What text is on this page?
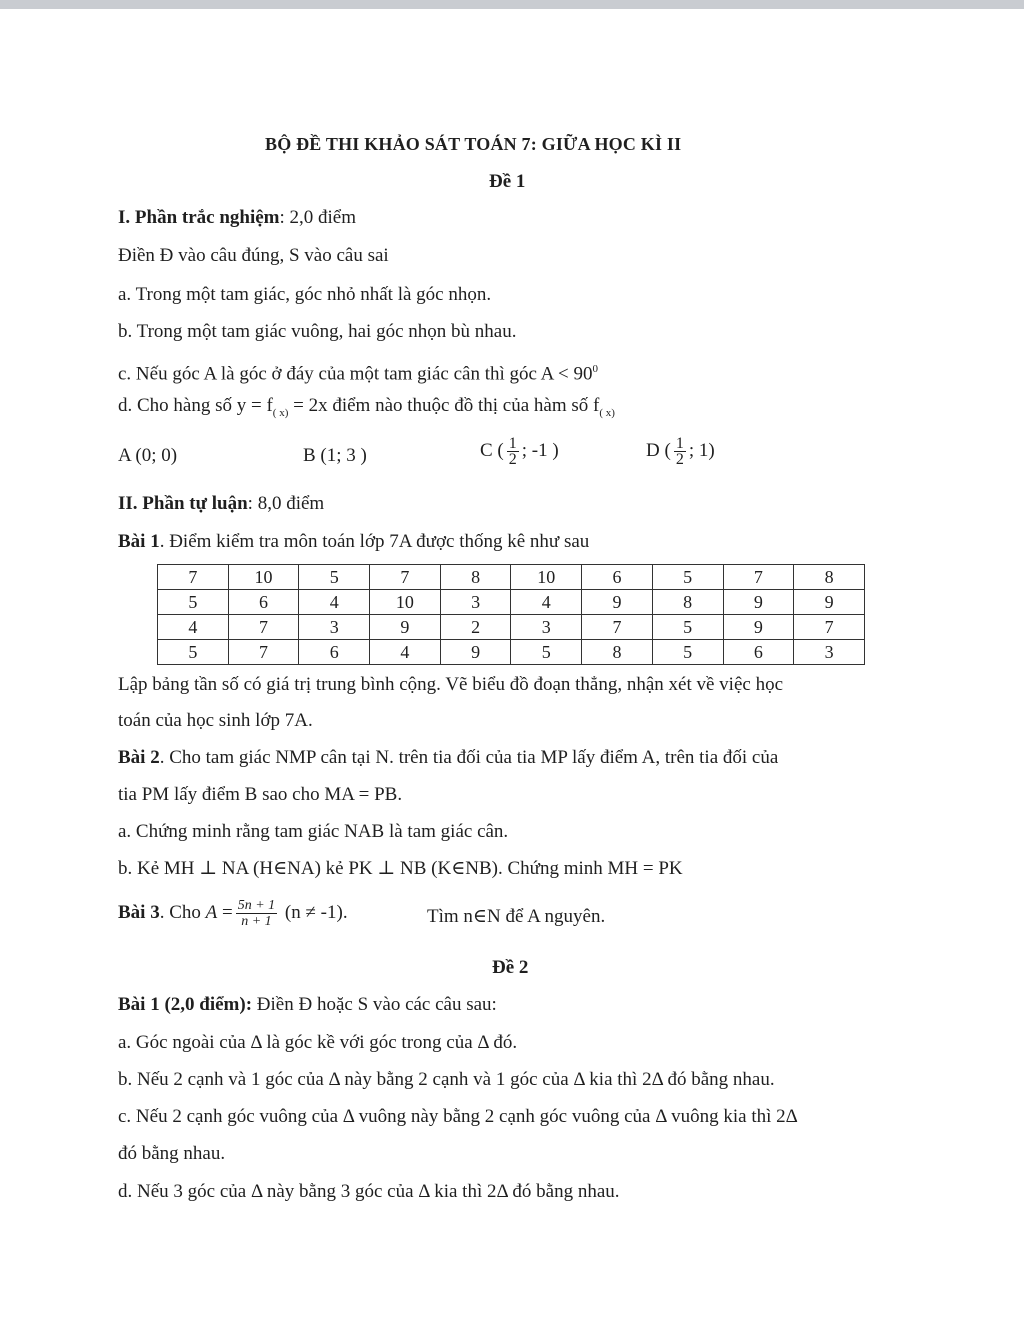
BỘ ĐỀ THI KHẢO SÁT TOÁN 7: GIỮA HỌC KÌ II
Đề 1
I. Phần trắc nghiệm: 2,0 điểm
Điền Đ vào câu đúng, S vào câu sai
a. Trong một tam giác, góc nhỏ nhất là góc nhọn.
b. Trong một tam giác vuông, hai góc nhọn bù nhau.
c. Nếu góc A là góc ở đáy của một tam giác cân thì góc $A < 90^0$
d. Cho hàng số $y = f_{( x)} = 2x$ điểm nào thuộc đồ thị của hàm số $f_{( x)}$
A (0; 0)	B (1; 3 )	C ( $\frac{1}{2}$ ; -1 )	D ( $\frac{1}{2}$ ; 1)
II. Phần tự luận: 8,0 điểm
Bài 1. Điểm kiểm tra môn toán lớp 7A được thống kê như sau
7	10	5	7	8	10	6	5	7	8
5	6	4	10	3	4	9	8	9	9
4	7	3	9	2	3	7	5	9	7
5	7	6	4	9	5	8	5	6	3
Lập bảng tần số có giá trị trung bình cộng. Vẽ biểu đồ đoạn thẳng, nhận xét về việc học
toán của học sinh lớp 7A.
Bài 2. Cho tam giác NMP cân tại N. trên tia đối của tia MP lấy điểm A, trên tia đối của
tia PM lấy điểm B sao cho MA = PB.
a. Chứng minh rằng tam giác NAB là tam giác cân.
b. Kẻ MH ⊥ NA (H∈NA) kẻ PK ⊥ NB (K∈NB). Chứng minh MH = PK
Bài 3. Cho $A = \frac{5n + 1}{n + 1} (n \ne -1)$.	Tìm n∈N để A nguyên.
Đề 2
Bài 1 (2,0 điểm): Điền Đ hoặc S vào các câu sau:
a. Góc ngoài của Δ là góc kề với góc trong của Δ đó.
b. Nếu 2 cạnh và 1 góc của Δ này bằng 2 cạnh và 1 góc của Δ kia thì 2Δ đó bằng nhau.
c. Nếu 2 cạnh góc vuông của Δ vuông này bằng 2 cạnh góc vuông của Δ vuông kia thì 2Δ
đó bằng nhau.
d. Nếu 3 góc của Δ này bằng 3 góc của Δ kia thì 2Δ đó bằng nhau.
